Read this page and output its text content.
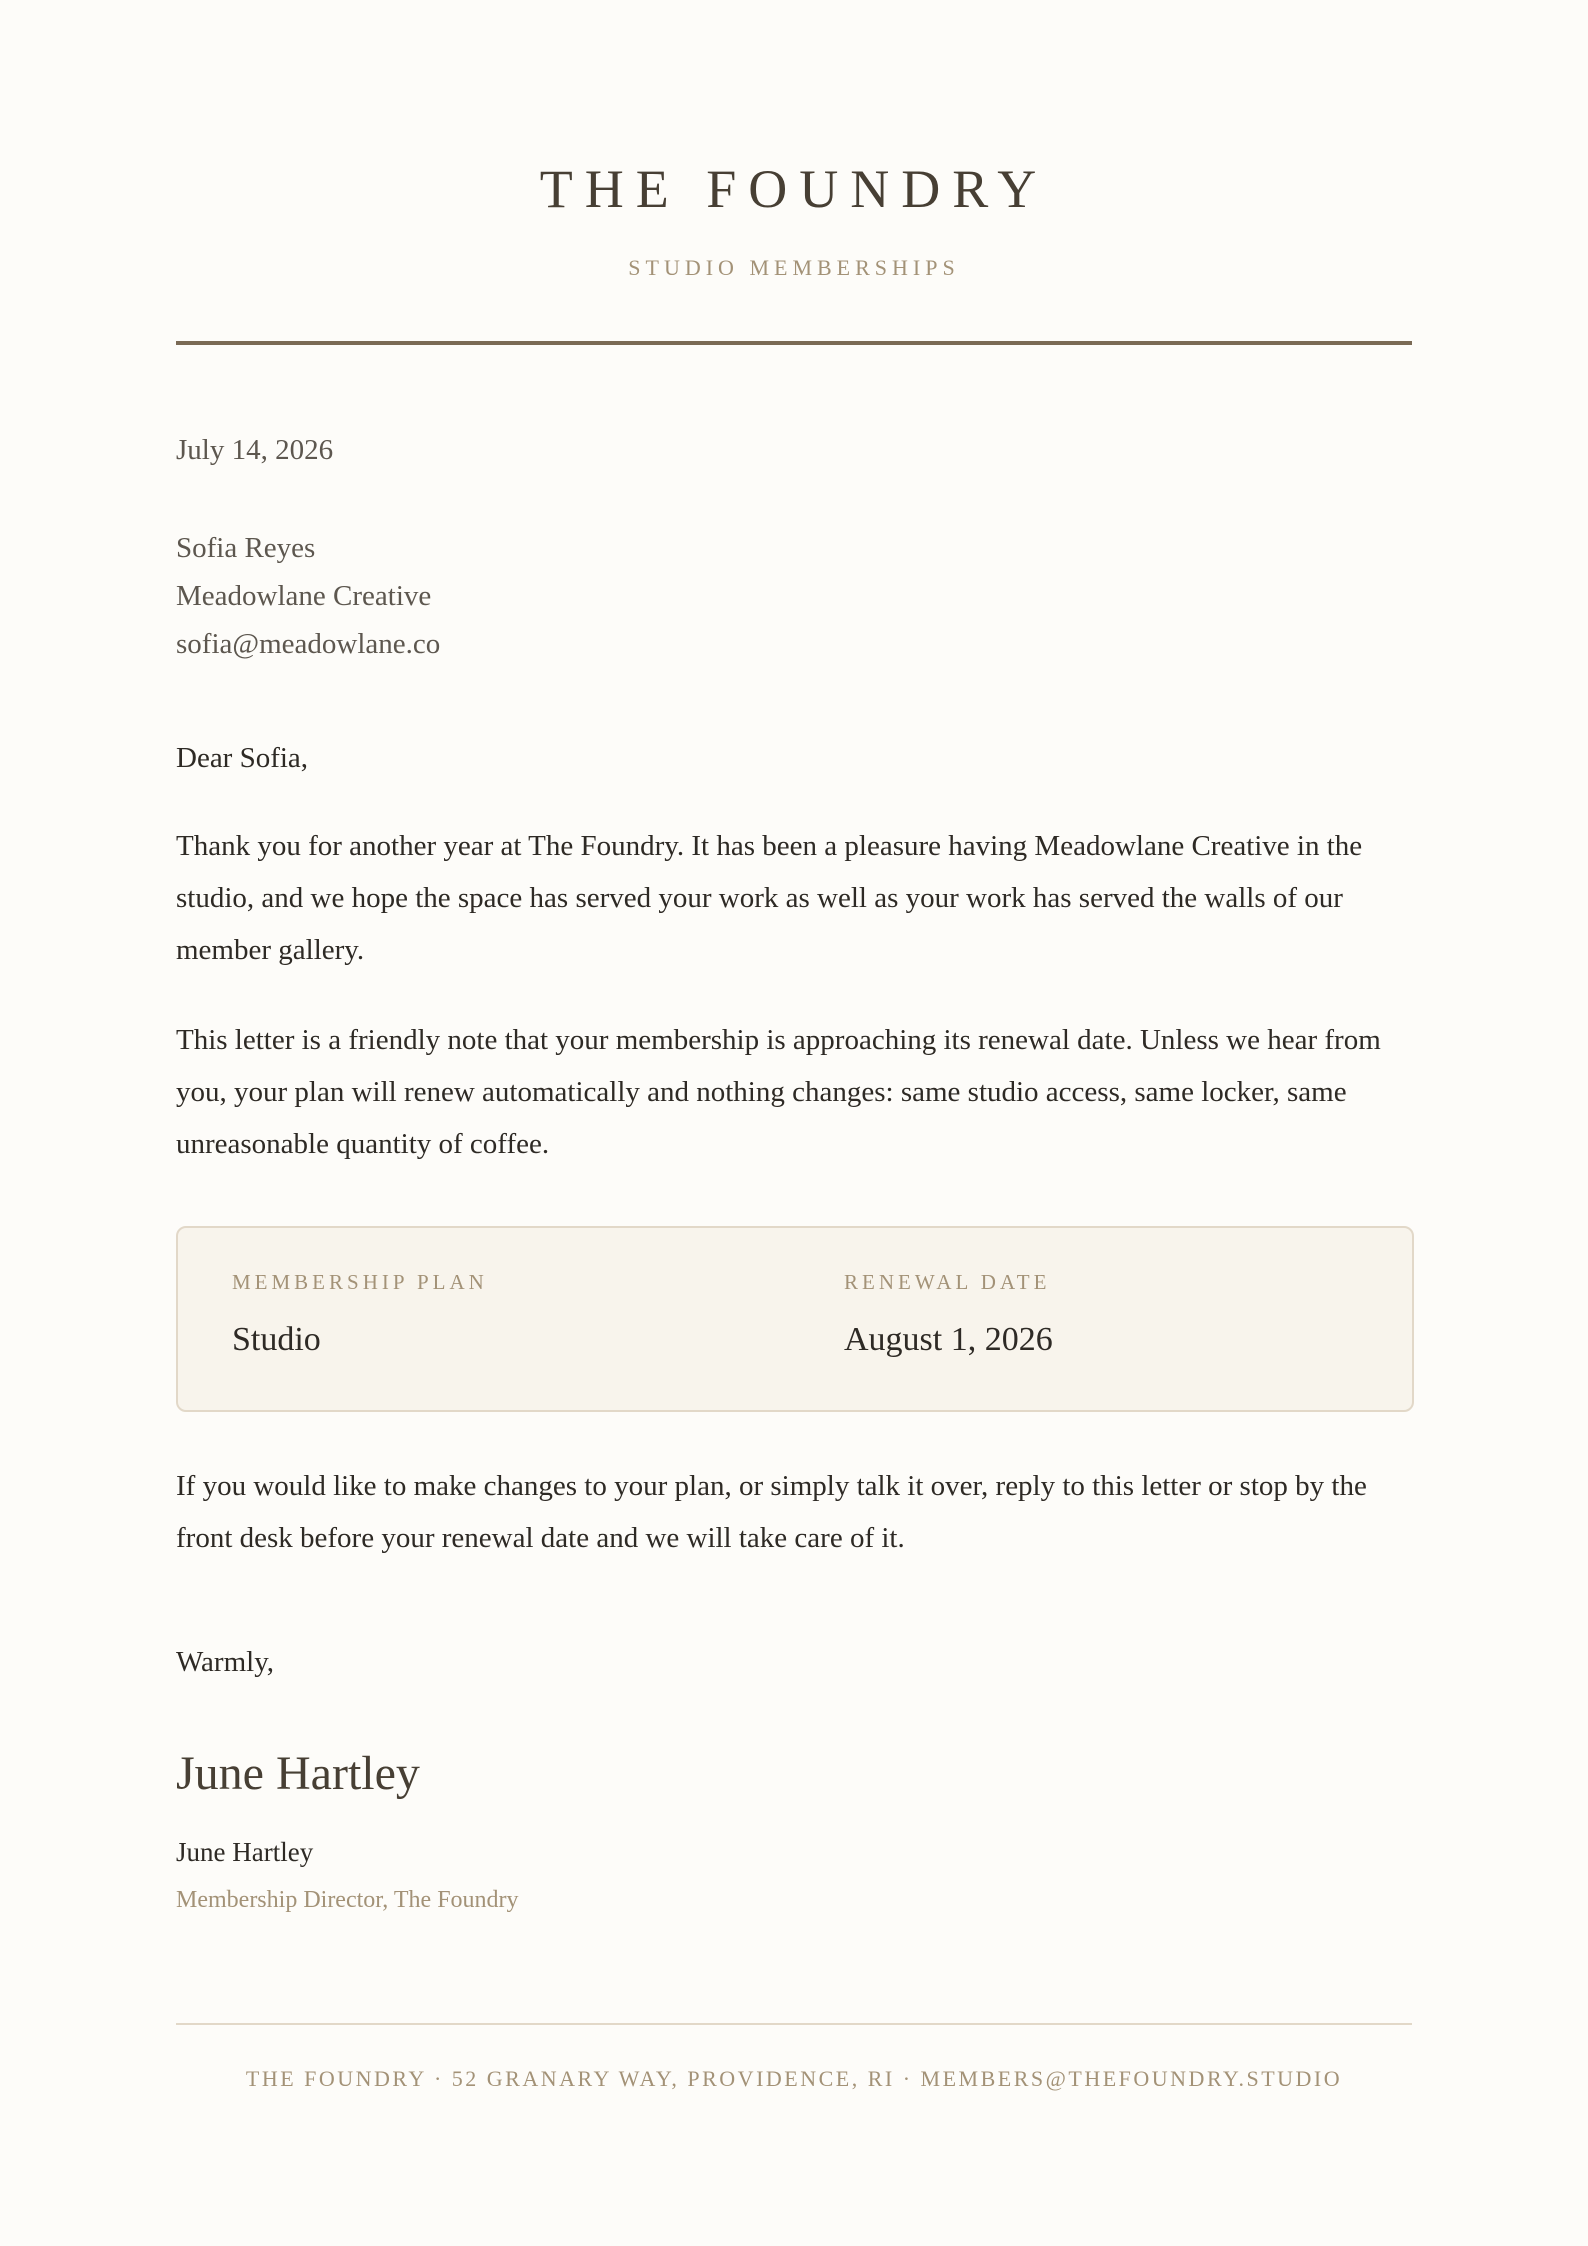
THE FOUNDRY
STUDIO MEMBERSHIPS
July 14, 2026
Sofia Reyes
Meadowlane Creative
sofia@meadowlane.co
Dear Sofia,
Thank you for another year at The Foundry. It has been a pleasure having Meadowlane Creative in the studio, and we hope the space has served your work as well as your work has served the walls of our member gallery.
This letter is a friendly note that your membership is approaching its renewal date. Unless we hear from you, your plan will renew automatically and nothing changes: same studio access, same locker, same unreasonable quantity of coffee.
MEMBERSHIP PLAN
Studio
RENEWAL DATE
August 1, 2026
If you would like to make changes to your plan, or simply talk it over, reply to this letter or stop by the front desk before your renewal date and we will take care of it.
Warmly,
June Hartley
June Hartley
Membership Director, The Foundry
THE FOUNDRY · 52 GRANARY WAY, PROVIDENCE, RI · MEMBERS@THEFOUNDRY.STUDIO
